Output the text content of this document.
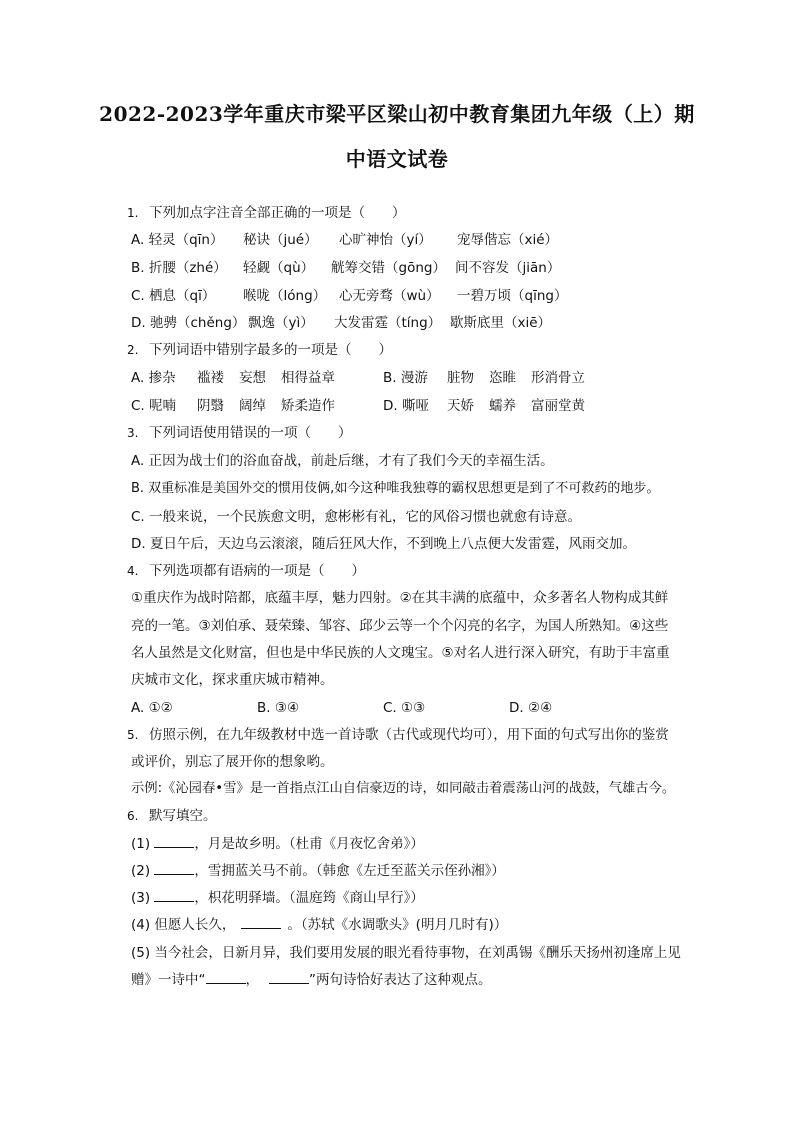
2022-2023学年重庆市梁平区梁山初中教育集团九年级（上）期
中语文试卷
1. 下列加点字注音全部正确的一项是（　　）
A. 轻灵（qīn） 秘诀（jué） 心旷神怡（yí） 宠辱偕忘（xié）
B. 折腰（zhé） 轻觑（qù） 觥筹交错（gōng） 间不容发（jiān）
C. 栖息（qī） 喉咙（lóng） 心无旁骛（wù） 一碧万顷（qīng）
D. 驰骋（chěng） 飘逸（yì） 大发雷霆（tíng） 歇斯底里（xiē）
2. 下列词语中错别字最多的一项是（　　）
A. 掺杂 褴褛 妄想 相得益章	B. 漫游 脏物 恣睢 形消骨立
C. 呢喃 阴翳 阔绰 矫柔造作	D. 嘶哑 天娇 蠕养 富丽堂黄
3. 下列词语使用错误的一项（　　）
A. 正因为战士们的浴血奋战，前赴后继，才有了我们今天的幸福生活。
B. 双重标准是美国外交的惯用伎俩,如今这种唯我独尊的霸权思想更是到了不可救药的地步。
C. 一般来说，一个民族愈文明，愈彬彬有礼，它的风俗习惯也就愈有诗意。
D. 夏日午后，天边乌云滚滚，随后狂风大作，不到晚上八点便大发雷霆，风雨交加。
4. 下列选项都有语病的一项是（　　）
①重庆作为战时陪都，底蕴丰厚，魅力四射。②在其丰满的底蕴中，众多著名人物构成其鲜
亮的一笔。③刘伯承、聂荣臻、邹容、邱少云等一个个闪亮的名字，为国人所熟知。④这些
名人虽然是文化财富，但也是中华民族的人文瑰宝。⑤对名人进行深入研究，有助于丰富重
庆城市文化，探求重庆城市精神。
A. ①②	B. ③④	C. ①③	D. ②④
5. 仿照示例，在九年级教材中选一首诗歌（古代或现代均可），用下面的句式写出你的鉴赏
或评价，别忘了展开你的想象哟。
示例:《沁园春•雪》是一首指点江山自信豪迈的诗，如同敲击着震荡山河的战鼓，气雄古今。
6. 默写填空。
(1)	，月是故乡明。（杜甫《月夜忆舍弟》）
(2)	，雪拥蓝关马不前。（韩愈《左迁至蓝关示侄孙湘》）
(3)	，枳花明驿墙。（温庭筠《商山早行》）
(4) 但愿人长久，	。（苏轼《水调歌头》(明月几时有)）
(5) 当今社会，日新月异，我们要用发展的眼光看待事物，在刘禹锡《酬乐天扬州初逢席上见
赠》一诗中“	，	”两句诗恰好表达了这种观点。
